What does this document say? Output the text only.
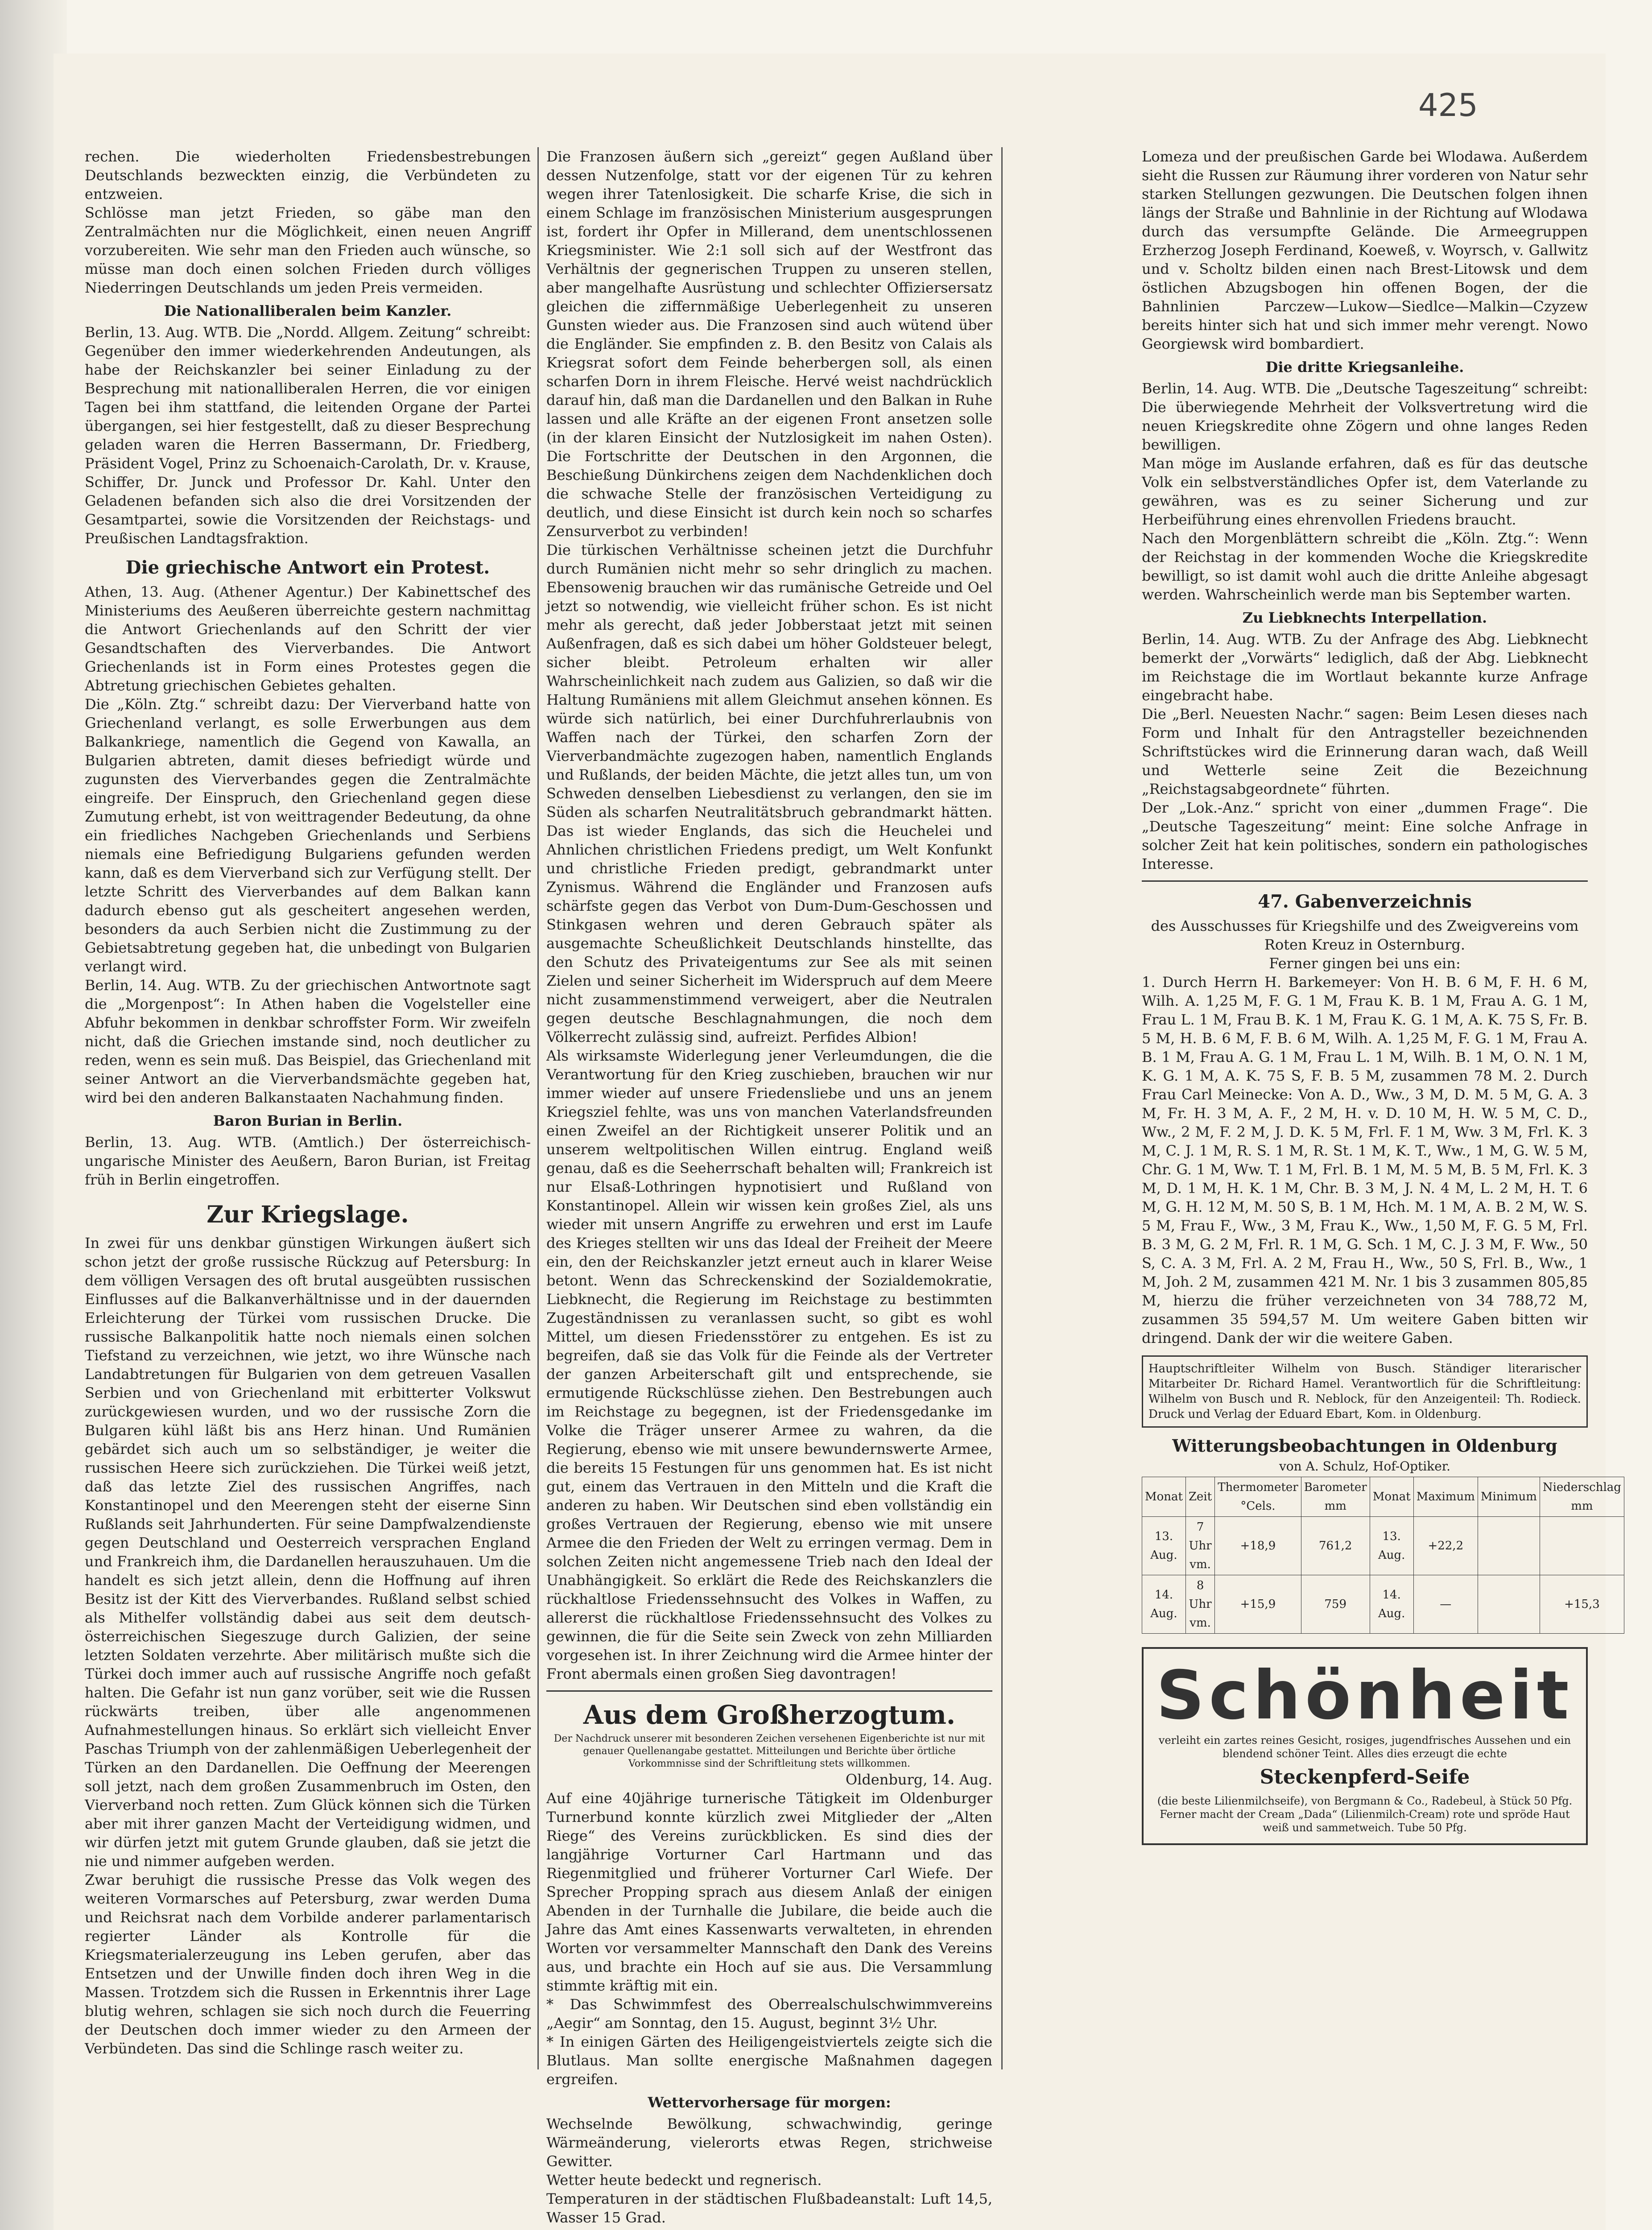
425

rechen. Die wiederholten Friedensbestrebungen Deutschlands bezweckten einzig, die Verbündeten zu entzweien.

Schlösse man jetzt Frieden, so gäbe man den Zentralmächten nur die Möglichkeit, einen neuen Angriff vorzubereiten. Wie sehr man den Frieden auch wünsche, so müsse man doch einen solchen Frieden durch völliges Niederringen Deutschlands um jeden Preis vermeiden.

Die Nationalliberalen beim Kanzler.

Berlin, 13. Aug. WTB. Die „Nordd. Allgem. Zeitung“ schreibt: Gegenüber den immer wiederkehrenden Andeutungen, als habe der Reichskanzler bei seiner Einladung zu der Besprechung mit nationalliberalen Herren, die vor einigen Tagen bei ihm stattfand, die leitenden Organe der Partei übergangen, sei hier festgestellt, daß zu dieser Besprechung geladen waren die Herren Bassermann, Dr. Friedberg, Präsident Vogel, Prinz zu Schoenaich-Carolath, Dr. v. Krause, Schiffer, Dr. Junck und Professor Dr. Kahl. Unter den Geladenen befanden sich also die drei Vorsitzenden der Gesamtpartei, sowie die Vorsitzenden der Reichstags- und Preußischen Landtagsfraktion.

Die griechische Antwort ein Protest.

Athen, 13. Aug. (Athener Agentur.) Der Kabinettschef des Ministeriums des Aeußeren überreichte gestern nachmittag die Antwort Griechenlands auf den Schritt der vier Gesandtschaften des Vierverbandes. Die Antwort Griechenlands ist in Form eines Protestes gegen die Abtretung griechischen Gebietes gehalten.

Die „Köln. Ztg.“ schreibt dazu: Der Vierverband hatte von Griechenland verlangt, es solle Erwerbungen aus dem Balkankriege, namentlich die Gegend von Kawalla, an Bulgarien abtreten, damit dieses befriedigt würde und zugunsten des Vierverbandes gegen die Zentralmächte eingreife. Der Einspruch, den Griechenland gegen diese Zumutung erhebt, ist von weittragender Bedeutung, da ohne ein friedliches Nachgeben Griechenlands und Serbiens niemals eine Befriedigung Bulgariens gefunden werden kann, daß es dem Vierverband sich zur Verfügung stellt. Der letzte Schritt des Vierverbandes auf dem Balkan kann dadurch ebenso gut als gescheitert angesehen werden, besonders da auch Serbien nicht die Zustimmung zu der Gebietsabtretung gegeben hat, die unbedingt von Bulgarien verlangt wird.

Berlin, 14. Aug. WTB. Zu der griechischen Antwortnote sagt die „Morgenpost“: In Athen haben die Vogelsteller eine Abfuhr bekommen in denkbar schroffster Form. Wir zweifeln nicht, daß die Griechen imstande sind, noch deutlicher zu reden, wenn es sein muß. Das Beispiel, das Griechenland mit seiner Antwort an die Vierverbandsmächte gegeben hat, wird bei den anderen Balkanstaaten Nachahmung finden.

Baron Burian in Berlin.

Berlin, 13. Aug. WTB. (Amtlich.) Der österreichisch-ungarische Minister des Aeußern, Baron Burian, ist Freitag früh in Berlin eingetroffen.

Zur Kriegslage.

In zwei für uns denkbar günstigen Wirkungen äußert sich schon jetzt der große russische Rückzug auf Petersburg: In dem völligen Versagen des oft brutal ausgeübten russischen Einflusses auf die Balkanverhältnisse und in der dauernden Erleichterung der Türkei vom russischen Drucke. Die russische Balkanpolitik hatte noch niemals einen solchen Tiefstand zu verzeichnen, wie jetzt, wo ihre Wünsche nach Landabtretungen für Bulgarien von dem getreuen Vasallen Serbien und von Griechenland mit erbitterter Volkswut zurückgewiesen wurden, und wo der russische Zorn die Bulgaren kühl läßt bis ans Herz hinan. Und Rumänien gebärdet sich auch um so selbständiger, je weiter die russischen Heere sich zurückziehen. Die Türkei weiß jetzt, daß das letzte Ziel des russischen Angriffes, nach Konstantinopel und den Meerengen steht der eiserne Sinn Rußlands seit Jahrhunderten. Für seine Dampfwalzendienste gegen Deutschland und Oesterreich versprachen England und Frankreich ihm, die Dardanellen herauszuhauen. Um die handelt es sich jetzt allein, denn die Hoffnung auf ihren Besitz ist der Kitt des Vierverbandes. Rußland selbst schied als Mithelfer vollständig dabei aus seit dem deutsch-österreichischen Siegeszuge durch Galizien, der seine letzten Soldaten verzehrte. Aber militärisch mußte sich die Türkei doch immer auch auf russische Angriffe noch gefaßt halten. Die Gefahr ist nun ganz vorüber, seit wie die Russen rückwärts treiben, über alle angenommenen Aufnahmestellungen hinaus. So erklärt sich vielleicht Enver Paschas Triumph von der zahlenmäßigen Ueberlegenheit der Türken an den Dardanellen. Die Oeffnung der Meerengen soll jetzt, nach dem großen Zusammenbruch im Osten, den Vierverband noch retten. Zum Glück können sich die Türken aber mit ihrer ganzen Macht der Verteidigung widmen, und wir dürfen jetzt mit gutem Grunde glauben, daß sie jetzt die nie und nimmer aufgeben werden.

Zwar beruhigt die russische Presse das Volk wegen des weiteren Vormarsches auf Petersburg, zwar werden Duma und Reichsrat nach dem Vorbilde anderer parlamentarisch regierter Länder als Kontrolle für die Kriegsmaterialerzeugung ins Leben gerufen, aber das Entsetzen und der Unwille finden doch ihren Weg in die Massen. Trotzdem sich die Russen in Erkenntnis ihrer Lage blutig wehren, schlagen sie sich noch durch die Feuerring der Deutschen doch immer wieder zu den Armeen der Verbündeten. Das sind die Schlinge rasch weiter zu.

Die Franzosen äußern sich „gereizt“ gegen Außland über dessen Nutzenfolge, statt vor der eigenen Tür zu kehren wegen ihrer Tatenlosigkeit. Die scharfe Krise, die sich in einem Schlage im französischen Ministerium ausgesprungen ist, fordert ihr Opfer in Millerand, dem unentschlossenen Kriegsminister. Wie 2:1 soll sich auf der Westfront das Verhältnis der gegnerischen Truppen zu unseren stellen, aber mangelhafte Ausrüstung und schlechter Offiziersersatz gleichen die ziffernmäßige Ueberlegenheit zu unseren Gunsten wieder aus. Die Franzosen sind auch wütend über die Engländer. Sie empfinden z. B. den Besitz von Calais als Kriegsrat sofort dem Feinde beherbergen soll, als einen scharfen Dorn in ihrem Fleische. Hervé weist nachdrücklich darauf hin, daß man die Dardanellen und den Balkan in Ruhe lassen und alle Kräfte an der eigenen Front ansetzen solle (in der klaren Einsicht der Nutzlosigkeit im nahen Osten). Die Fortschritte der Deutschen in den Argonnen, die Beschießung Dünkirchens zeigen dem Nachdenklichen doch die schwache Stelle der französischen Verteidigung zu deutlich, und diese Einsicht ist durch kein noch so scharfes Zensurverbot zu verbinden!

Die türkischen Verhältnisse scheinen jetzt die Durchfuhr durch Rumänien nicht mehr so sehr dringlich zu machen. Ebensowenig brauchen wir das rumänische Getreide und Oel jetzt so notwendig, wie vielleicht früher schon. Es ist nicht mehr als gerecht, daß jeder Jobberstaat jetzt mit seinen Außenfragen, daß es sich dabei um höher Goldsteuer belegt, sicher bleibt. Petroleum erhalten wir aller Wahrscheinlichkeit nach zudem aus Galizien, so daß wir die Haltung Rumäniens mit allem Gleichmut ansehen können. Es würde sich natürlich, bei einer Durchfuhrerlaubnis von Waffen nach der Türkei, den scharfen Zorn der Vierverbandmächte zugezogen haben, namentlich Englands und Rußlands, der beiden Mächte, die jetzt alles tun, um von Schweden denselben Liebesdienst zu verlangen, den sie im Süden als scharfen Neutralitätsbruch gebrandmarkt hätten. Das ist wieder Englands, das sich die Heuchelei und Ahnlichen christlichen Friedens predigt, um Welt Konfunkt und christliche Frieden predigt, gebrandmarkt unter Zynismus. Während die Engländer und Franzosen aufs schärfste gegen das Verbot von Dum-Dum-Geschossen und Stinkgasen wehren und deren Gebrauch später als ausgemachte Scheußlichkeit Deutschlands hinstellte, das den Schutz des Privateigentums zur See als mit seinen Zielen und seiner Sicherheit im Widerspruch auf dem Meere nicht zusammenstimmend verweigert, aber die Neutralen gegen deutsche Beschlagnahmungen, die noch dem Völkerrecht zulässig sind, aufreizt. Perfides Albion!

Als wirksamste Widerlegung jener Verleumdungen, die die Verantwortung für den Krieg zuschieben, brauchen wir nur immer wieder auf unsere Friedensliebe und uns an jenem Kriegsziel fehlte, was uns von manchen Vaterlandsfreunden einen Zweifel an der Richtigkeit unserer Politik und an unserem weltpolitischen Willen eintrug. England weiß genau, daß es die Seeherrschaft behalten will; Frankreich ist nur Elsaß-Lothringen hypnotisiert und Rußland von Konstantinopel. Allein wir wissen kein großes Ziel, als uns wieder mit unsern Angriffe zu erwehren und erst im Laufe des Krieges stellten wir uns das Ideal der Freiheit der Meere ein, den der Reichskanzler jetzt erneut auch in klarer Weise betont. Wenn das Schreckenskind der Sozialdemokratie, Liebknecht, die Regierung im Reichstage zu bestimmten Zugeständnissen zu veranlassen sucht, so gibt es wohl Mittel, um diesen Friedensstörer zu entgehen. Es ist zu begreifen, daß sie das Volk für die Feinde als der Vertreter der ganzen Arbeiterschaft gilt und entsprechende, sie ermutigende Rückschlüsse ziehen. Den Bestrebungen auch im Reichstage zu begegnen, ist der Friedensgedanke im Volke die Träger unserer Armee zu wahren, da die Regierung, ebenso wie mit unsere bewundernswerte Armee, die bereits 15 Festungen für uns genommen hat. Es ist nicht gut, einem das Vertrauen in den Mitteln und die Kraft die anderen zu haben. Wir Deutschen sind eben vollständig ein großes Vertrauen der Regierung, ebenso wie mit unsere Armee die den Frieden der Welt zu erringen vermag. Dem in solchen Zeiten nicht angemessene Trieb nach den Ideal der Unabhängigkeit. So erklärt die Rede des Reichskanzlers die rückhaltlose Friedenssehnsucht des Volkes in Waffen, zu allererst die rückhaltlose Friedenssehnsucht des Volkes zu gewinnen, die für die Seite sein Zweck von zehn Milliarden vorgesehen ist. In ihrer Zeichnung wird die Armee hinter der Front abermals einen großen Sieg davontragen!

Aus dem Großherzogtum.

Der Nachdruck unserer mit besonderen Zeichen versehenen Eigenberichte ist nur mit genauer Quellenangabe gestattet. Mitteilungen und Berichte über örtliche Vorkommnisse sind der Schriftleitung stets willkommen.

Oldenburg, 14. Aug.

Auf eine 40jährige turnerische Tätigkeit im Oldenburger Turnerbund konnte kürzlich zwei Mitglieder der „Alten Riege“ des Vereins zurückblicken. Es sind dies der langjährige Vorturner Carl Hartmann und das Riegenmitglied und früherer Vorturner Carl Wiefe. Der Sprecher Propping sprach aus diesem Anlaß der einigen Abenden in der Turnhalle die Jubilare, die beide auch die Jahre das Amt eines Kassenwarts verwalteten, in ehrenden Worten vor versammelter Mannschaft den Dank des Vereins aus, und brachte ein Hoch auf sie aus. Die Versammlung stimmte kräftig mit ein.

* Das Schwimmfest des Oberrealschulschwimmvereins „Aegir“ am Sonntag, den 15. August, beginnt 3½ Uhr.

* In einigen Gärten des Heiligengeistviertels zeigte sich die Blutlaus. Man sollte energische Maßnahmen dagegen ergreifen.

Wettervorhersage für morgen:

Wechselnde Bewölkung, schwachwindig, geringe Wärmeänderung, vielerorts etwas Regen, strichweise Gewitter.

Wetter heute bedeckt und regnerisch.

Temperaturen in der städtischen Flußbadeanstalt: Luft 14,5, Wasser 15 Grad.

Lomeza und der preußischen Garde bei Wlodawa. Außerdem sieht die Russen zur Räumung ihrer vorderen von Natur sehr starken Stellungen gezwungen. Die Deutschen folgen ihnen längs der Straße und Bahnlinie in der Richtung auf Wlodawa durch das versumpfte Gelände. Die Armeegruppen Erzherzog Joseph Ferdinand, Koeweß, v. Woyrsch, v. Gallwitz und v. Scholtz bilden einen nach Brest-Litowsk und dem östlichen Abzugsbogen hin offenen Bogen, der die Bahnlinien Parczew—Lukow—Siedlce—Malkin—Czyzew bereits hinter sich hat und sich immer mehr verengt. Nowo Georgiewsk wird bombardiert.

Die dritte Kriegsanleihe.

Berlin, 14. Aug. WTB. Die „Deutsche Tageszeitung“ schreibt: Die überwiegende Mehrheit der Volksvertretung wird die neuen Kriegskredite ohne Zögern und ohne langes Reden bewilligen.

Man möge im Auslande erfahren, daß es für das deutsche Volk ein selbstverständliches Opfer ist, dem Vaterlande zu gewähren, was es zu seiner Sicherung und zur Herbeiführung eines ehrenvollen Friedens braucht.

Nach den Morgenblättern schreibt die „Köln. Ztg.“: Wenn der Reichstag in der kommenden Woche die Kriegskredite bewilligt, so ist damit wohl auch die dritte Anleihe abgesagt werden. Wahrscheinlich werde man bis September warten.

Zu Liebknechts Interpellation.

Berlin, 14. Aug. WTB. Zu der Anfrage des Abg. Liebknecht bemerkt der „Vorwärts“ lediglich, daß der Abg. Liebknecht im Reichstage die im Wortlaut bekannte kurze Anfrage eingebracht habe.

Die „Berl. Neuesten Nachr.“ sagen: Beim Lesen dieses nach Form und Inhalt für den Antragsteller bezeichnenden Schriftstückes wird die Erinnerung daran wach, daß Weill und Wetterle seine Zeit die Bezeichnung „Reichstagsabgeordnete“ führten.

Der „Lok.-Anz.“ spricht von einer „dummen Frage“. Die „Deutsche Tageszeitung“ meint: Eine solche Anfrage in solcher Zeit hat kein politisches, sondern ein pathologisches Interesse.

47. Gabenverzeichnis

des Ausschusses für Kriegshilfe und des Zweigvereins vom Roten Kreuz in Osternburg.

Ferner gingen bei uns ein:

1. Durch Herrn H. Barkemeyer: Von H. B. 6 M, F. H. 6 M, Wilh. A. 1,25 M, F. G. 1 M, Frau K. B. 1 M, Frau A. G. 1 M, Frau L. 1 M, Frau B. K. 1 M, Frau K. G. 1 M, A. K. 75 S, Fr. B. 5 M, H. B. 6 M, F. B. 6 M, Wilh. A. 1,25 M, F. G. 1 M, Frau A. B. 1 M, Frau A. G. 1 M, Frau L. 1 M, Wilh. B. 1 M, O. N. 1 M, K. G. 1 M, A. K. 75 S, F. B. 5 M, zusammen 78 M. 2. Durch Frau Carl Meinecke: Von A. D., Ww., 3 M, D. M. 5 M, G. A. 3 M, Fr. H. 3 M, A. F., 2 M, H. v. D. 10 M, H. W. 5 M, C. D., Ww., 2 M, F. 2 M, J. D. K. 5 M, Frl. F. 1 M, Ww. 3 M, Frl. K. 3 M, C. J. 1 M, R. S. 1 M, R. St. 1 M, K. T., Ww., 1 M, G. W. 5 M, Chr. G. 1 M, Ww. T. 1 M, Frl. B. 1 M, M. 5 M, B. 5 M, Frl. K. 3 M, D. 1 M, H. K. 1 M, Chr. B. 3 M, J. N. 4 M, L. 2 M, H. T. 6 M, G. H. 12 M, M. 50 S, B. 1 M, Hch. M. 1 M, A. B. 2 M, W. S. 5 M, Frau F., Ww., 3 M, Frau K., Ww., 1,50 M, F. G. 5 M, Frl. B. 3 M, G. 2 M, Frl. R. 1 M, G. Sch. 1 M, C. J. 3 M, F. Ww., 50 S, C. A. 3 M, Frl. A. 2 M, Frau H., Ww., 50 S, Frl. B., Ww., 1 M, Joh. 2 M, zusammen 421 M. Nr. 1 bis 3 zusammen 805,85 M, hierzu die früher verzeichneten von 34 788,72 M, zusammen 35 594,57 M. Um weitere Gaben bitten wir dringend. Dank der wir die weitere Gaben.

Hauptschriftleiter Wilhelm von Busch. Ständiger literarischer Mitarbeiter Dr. Richard Hamel. Verantwortlich für die Schriftleitung: Wilhelm von Busch und R. Neblock, für den Anzeigenteil: Th. Rodieck. Druck und Verlag der Eduard Ebart, Kom. in Oldenburg.
Witterungsbeobachtungen in Oldenburg
von A. Schulz, Hof-Optiker.
Monat	Zeit	Thermometer °Cels.	Barometer mm	Monat	Maximum	Minimum	Niederschlag mm
13. Aug.	7 Uhr vm.	+18,9	761,2	13. Aug.	+22,2		
14. Aug.	8 Uhr vm.	+15,9	759	14. Aug.	—		+15,3
Schönheit
verleiht ein zartes reines Gesicht, rosiges, jugendfrisches Aussehen und ein blendend schöner Teint. Alles dies erzeugt die echte
Steckenpferd-Seife
(die beste Lilienmilchseife), von Bergmann & Co., Radebeul, à Stück 50 Pfg. Ferner macht der Cream „Dada“ (Lilienmilch-Cream) rote und spröde Haut weiß und sammetweich. Tube 50 Pfg.
